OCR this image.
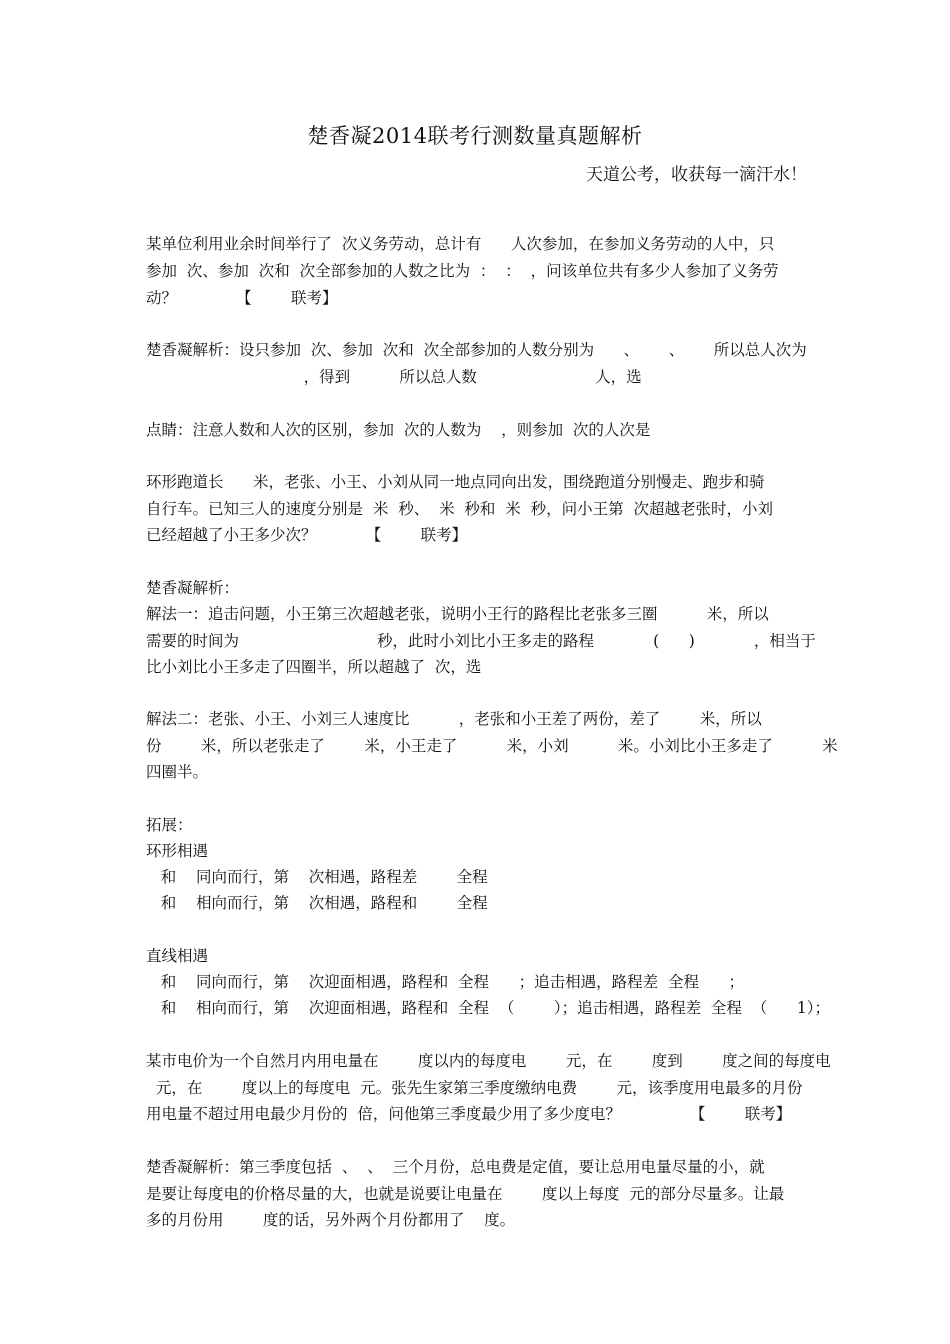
楚香凝2014联考行测数量真题解析
天道公考，收获每一滴汗水！
某单位利用业余时间举行了  次义务劳动，总计有      人次参加，在参加义务劳动的人中，只
参加  次、参加  次和  次全部参加的人数之比为  ：  ：  ，问该单位共有多少人参加了义务劳
动？            【        联考】
楚香凝解析：设只参加  次、参加  次和  次全部参加的人数分别为      、      、      所以总人次为
，得到          所以总人数                        人，选
点睛：注意人数和人次的区别，参加  次的人数为    ，则参加  次的人次是
环形跑道长      米，老张、小王、小刘从同一地点同向出发，围绕跑道分别慢走、跑步和骑
自行车。已知三人的速度分别是  米  秒、  米  秒和  米  秒，问小王第  次超越老张时，小刘
已经超越了小王多少次？          【        联考】
楚香凝解析：
解法一：追击问题，小王第三次超越老张，说明小王行的路程比老张多三圈          米，所以
需要的时间为                            秒，此时小刘比小王多走的路程            (      )            ，相当于
比小刘比小王多走了四圈半，所以超越了  次，选
解法二：老张、小王、小刘三人速度比          ，老张和小王差了两份，差了        米，所以
份        米，所以老张走了        米，小王走了          米，小刘          米。小刘比小王多走了          米
四圈半。
拓展：
环形相遇
和    同向而行，第    次相遇，路程差        全程
和    相向而行，第    次相遇，路程和        全程
直线相遇
和    同向而行，第    次迎面相遇，路程和  全程      ；追击相遇，路程差  全程      ；
和    相向而行，第    次迎面相遇，路程和  全程  （        ）；追击相遇，路程差  全程  （      1）；
某市电价为一个自然月内用电量在        度以内的每度电        元，在        度到        度之间的每度电
元，在        度以上的每度电  元。张先生家第三季度缴纳电费        元，该季度用电最多的月份
用电量不超过用电最少月份的  倍，问他第三季度最少用了多少度电？              【        联考】
楚香凝解析：第三季度包括  、  、  三个月份，总电费是定值，要让总用电量尽量的小，就
是要让每度电的价格尽量的大，也就是说要让电量在        度以上每度  元的部分尽量多。让最
多的月份用        度的话，另外两个月份都用了    度。
